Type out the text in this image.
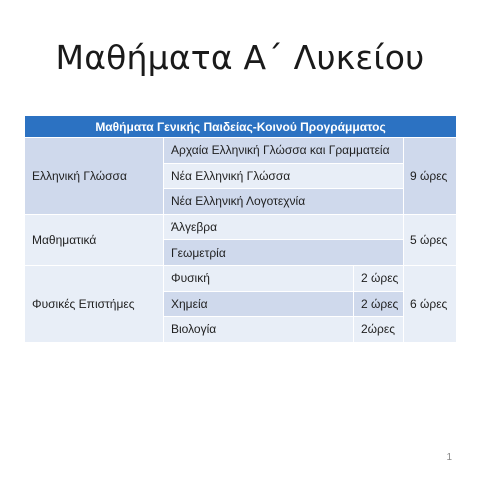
Μαθήματα Α΄ Λυκείου
Μαθήματα Γενικής Παιδείας-Κοινού Προγράμματος			
Ελληνική Γλώσσα	Αρχαία Ελληνική Γλώσσα και Γραμματεία		9 ώρες
	Νέα Ελληνική Γλώσσα		
	Νέα Ελληνική Λογοτεχνία		
Μαθηματικά	Άλγεβρα		5 ώρες
	Γεωμετρία		
Φυσικές Επιστήμες	Φυσική	2 ώρες	6 ώρες
	Χημεία	2 ώρες	
	Βιολογία	2ώρες	
1
